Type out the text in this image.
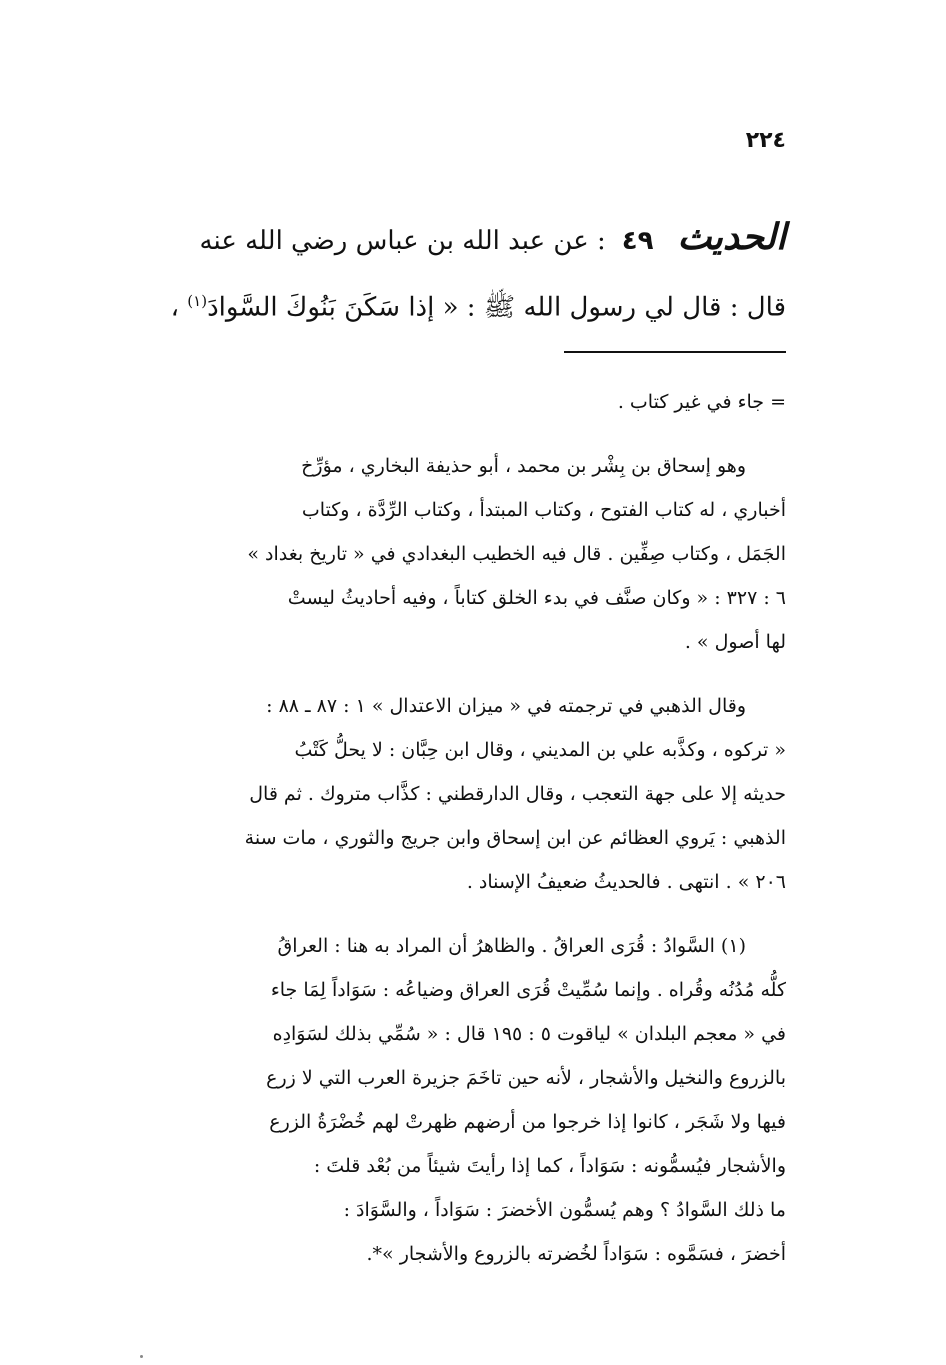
٢٢٤
الحديث٤٩: عن عبد الله بن عباس رضي الله عنه
قال : قال لي رسول الله ﷺ : « إذا سَكَنَ بَنُوكَ السَّوادَ$^{(١)}$ ،
= جاء في غير كتاب .
وهو إسحاق بن بِشْر بن محمد ، أبو حذيفة البخاري ، مؤرِّخ
أخباري ، له كتاب الفتوح ، وكتاب المبتدأ ، وكتاب الرِّدَّة ، وكتاب
الجَمَل ، وكتاب صِفِّين . قال فيه الخطيب البغدادي في « تاريخ بغداد »
٦ : ٣٢٧ : « وكان صنَّف في بدء الخلق كتاباً ، وفيه أحاديثُ ليستْ
لها أصول » .
وقال الذهبي في ترجمته في « ميزان الاعتدال » ١ : ٨٧ ـ ٨٨ :
« تركوه ، وكذَّبه علي بن المديني ، وقال ابن حِبَّان : لا يحلُّ كَتْبُ
حديثه إلا على جهة التعجب ، وقال الدارقطني : كذَّاب متروك . ثم قال
الذهبي : يَروي العظائم عن ابن إسحاق وابن جريج والثوري ، مات سنة
٢٠٦ » . انتهى . فالحديثُ ضعيفُ الإسناد .
(١) السَّوادُ : قُرَى العراقُ . والظاهرُ أن المراد به هنا : العراقُ
كلُّه مُدُنُه وقُراه . وإنما سُمِّيتْ قُرَى العراق وضياعُه : سَوَاداً لِمَا جاء
في « معجم البلدان » لياقوت ٥ : ١٩٥ قال : « سُمِّي بذلك لسَوَادِه
بالزروع والنخيل والأشجار ، لأنه حين تاخَمَ جزيرة العرب التي لا زرع
فيها ولا شَجَر ، كانوا إذا خرجوا من أرضهم ظهرتْ لهم خُضْرَةُ الزرع
والأشجار فيُسمُّونه : سَوَاداً ، كما إذا رأيتَ شيئاً من بُعْد قلتَ :
ما ذلك السَّوادُ ؟ وهم يُسمُّون الأخضرَ : سَوَاداً ، والسَّوَادَ :
أخضرَ ، فسَمَّوه : سَوَاداً لخُضرته بالزروع والأشجار »*.
